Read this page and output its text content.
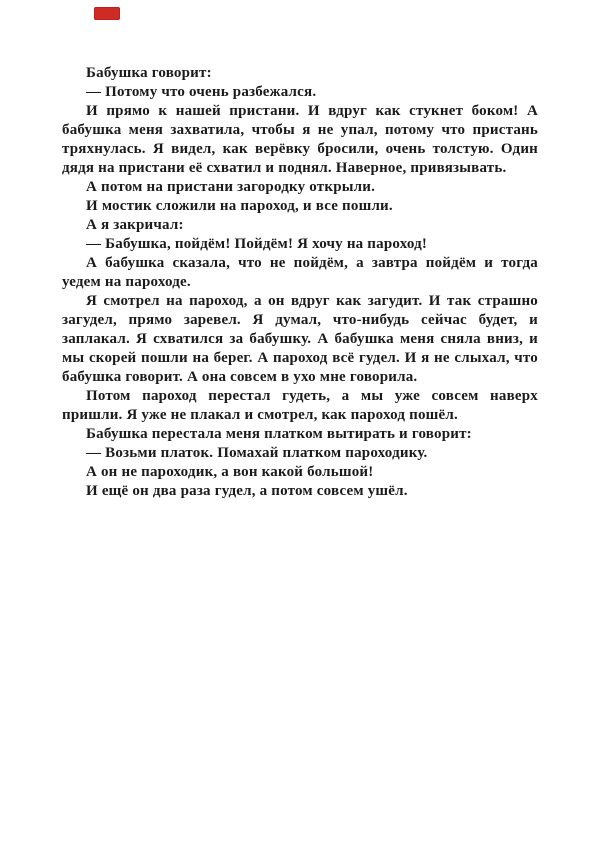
Бабушка говорит:

— Потому что очень разбежался.

И прямо к нашей пристани. И вдруг как стукнет боком! А бабушка меня захватила, чтобы я не упал, потому что пристань тряхнулась. Я видел, как верёвку бросили, очень толстую. Один дядя на пристани её схватил и поднял. Наверное, привязывать.

А потом на пристани загородку открыли.

И мостик сложили на пароход, и все пошли.

А я закричал:

— Бабушка, пойдём! Пойдём! Я хочу на пароход!

А бабушка сказала, что не пойдём, а завтра пойдём и тогда уедем на пароходе.

Я смотрел на пароход, а он вдруг как загудит. И так страшно загудел, прямо заревел. Я думал, что-нибудь сейчас будет, и заплакал. Я схватился за бабушку. А бабушка меня сняла вниз, и мы скорей пошли на берег. А пароход всё гудел. И я не слыхал, что бабушка говорит. А она совсем в ухо мне говорила.

Потом пароход перестал гудеть, а мы уже совсем наверх пришли. Я уже не плакал и смотрел, как пароход пошёл.

Бабушка перестала меня платком вытирать и говорит:

— Возьми платок. Помахай платком пароходику.

А он не пароходик, а вон какой большой!

И ещё он два раза гудел, а потом совсем ушёл.
